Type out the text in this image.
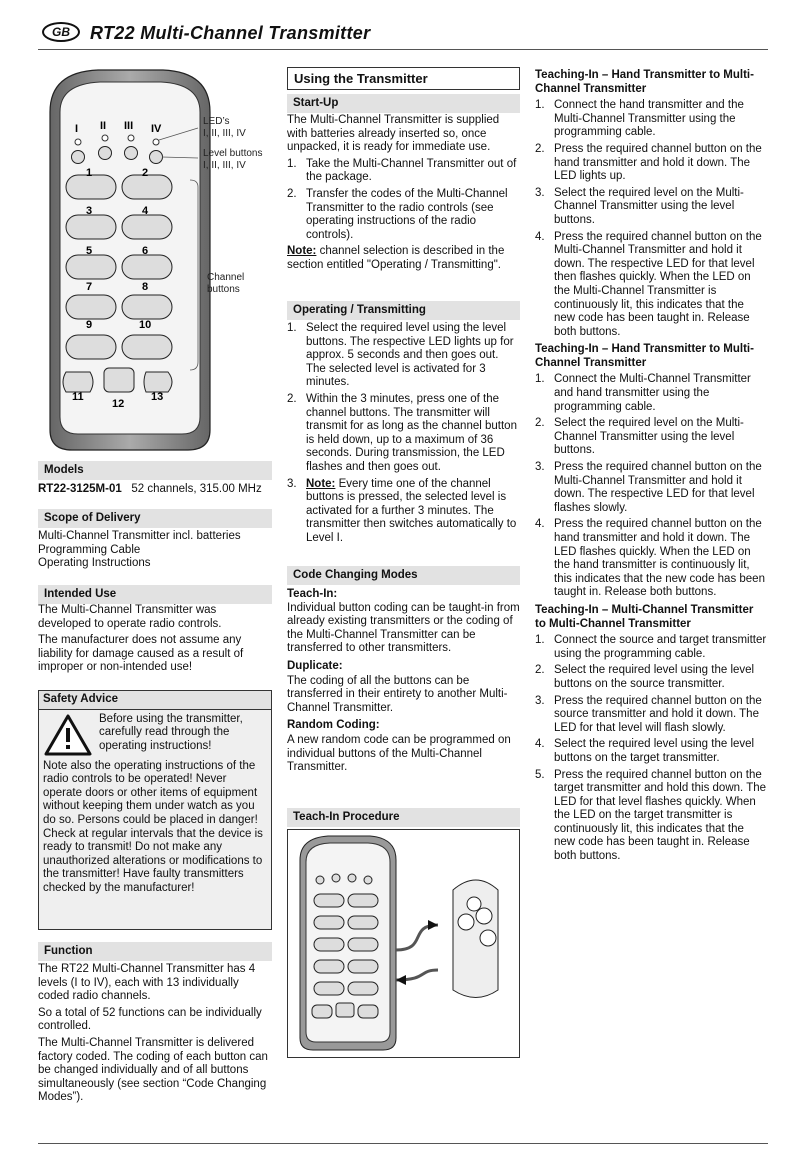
GB	RT22 Multi-Channel Transmitter
I II III IV
1	2
3	4
5	6
7	8
9	10
11
12
13
LED’s
I, II, III, IV
Level buttons
I, II, III, IV
Channel
buttons
Models
RT22-3125M-01 52 channels, 315.00 MHz
Scope of Delivery
Multi-Channel Transmitter incl. batteries
Programming Cable
Operating Instructions
Intended Use

The Multi-Channel Transmitter was developed to operate radio controls.

The manufacturer does not assume any liability for damage caused as a result of improper or non-intended use!

Safety Advice
Before using the transmitter, carefully read through the operating instructions!
Note also the operating instructions of the radio controls to be operated! Never operate doors or other items of equipment without keeping them under watch as you do so. Persons could be placed in danger! Check at regular intervals that the device is ready to transmit! Do not make any unauthorized alterations or modifications to the transmitter! Have faulty transmitters checked by the manufacturer!
Function

The RT22 Multi-Channel Transmitter has 4 levels (I to IV), each with 13 individually coded radio channels.

So a total of 52 functions can be individually controlled.

The Multi-Channel Transmitter is delivered factory coded. The coding of each button can be changed individually and of all buttons simultaneously (see section “Code Changing Modes”).

Using the Transmitter
Start-Up

The Multi-Channel Transmitter is supplied with batteries already inserted so, once unpacked, it is ready for immediate use.

1. Take the Multi-Channel Transmitter out of the package.
2. Transfer the codes of the Multi-Channel Transmitter to the radio controls (see operating instructions of the radio controls).

Note: channel selection is described in the section entitled "Operating / Transmitting".

Operating / Transmitting
1. Select the required level using the level buttons. The respective LED lights up for approx. 5 seconds and then goes out. The selected level is activated for 3 minutes.
2. Within the 3 minutes, press one of the channel buttons. The transmitter will transmit for as long as the channel button is held down, up to a maximum of 36 seconds. During transmission, the LED flashes and then goes out.
3. Note: Every time one of the channel buttons is pressed, the selected level is activated for a further 3 minutes. The transmitter then switches automatically to Level I.
Code Changing Modes
Teach-In:

Individual button coding can be taught-in from already existing transmitters or the coding of the Multi-Channel Transmitter can be transferred to other transmitters.

Duplicate:

The coding of all the buttons can be transferred in their entirety to another Multi-Channel Transmitter.

Random Coding:

A new random code can be programmed on individual buttons of the Multi-Channel Transmitter.

Teach-In Procedure
Teaching-In – Hand Transmitter to Multi-Channel Transmitter
1. Connect the hand transmitter and the Multi-Channel Transmitter using the programming cable.
2. Press the required channel button on the hand transmitter and hold it down. The LED lights up.
3. Select the required level on the Multi-Channel Transmitter using the level buttons.
4. Press the required channel button on the Multi-Channel Transmitter and hold it down. The respective LED for that level then flashes quickly. When the LED on the Multi-Channel Transmitter is continuously lit, this indicates that the new code has been taught in. Release both buttons.
Teaching-In – Hand Transmitter to Multi-Channel Transmitter
1. Connect the Multi-Channel Transmitter and hand transmitter using the programming cable.
2. Select the required level on the Multi-Channel Transmitter using the level buttons.
3. Press the required channel button on the Multi-Channel Transmitter and hold it down. The respective LED for that level flashes slowly.
4. Press the required channel button on the hand transmitter and hold it down. The LED flashes quickly. When the LED on the hand transmitter is continuously lit, this indicates that the new code has been taught in. Release both buttons.
Teaching-In – Multi-Channel Transmitter to Multi-Channel Transmitter
1. Connect the source and target transmitter using the programming cable.
2. Select the required level using the level buttons on the source transmitter.
3. Press the required channel button on the source transmitter and hold it down. The LED for that level will flash slowly.
4. Select the required level using the level buttons on the target transmitter.
5. Press the required channel button on the target transmitter and hold this down. The LED for that level flashes quickly. When the LED on the target transmitter is continuously lit, this indicates that the new code has been taught in. Release both buttons.
